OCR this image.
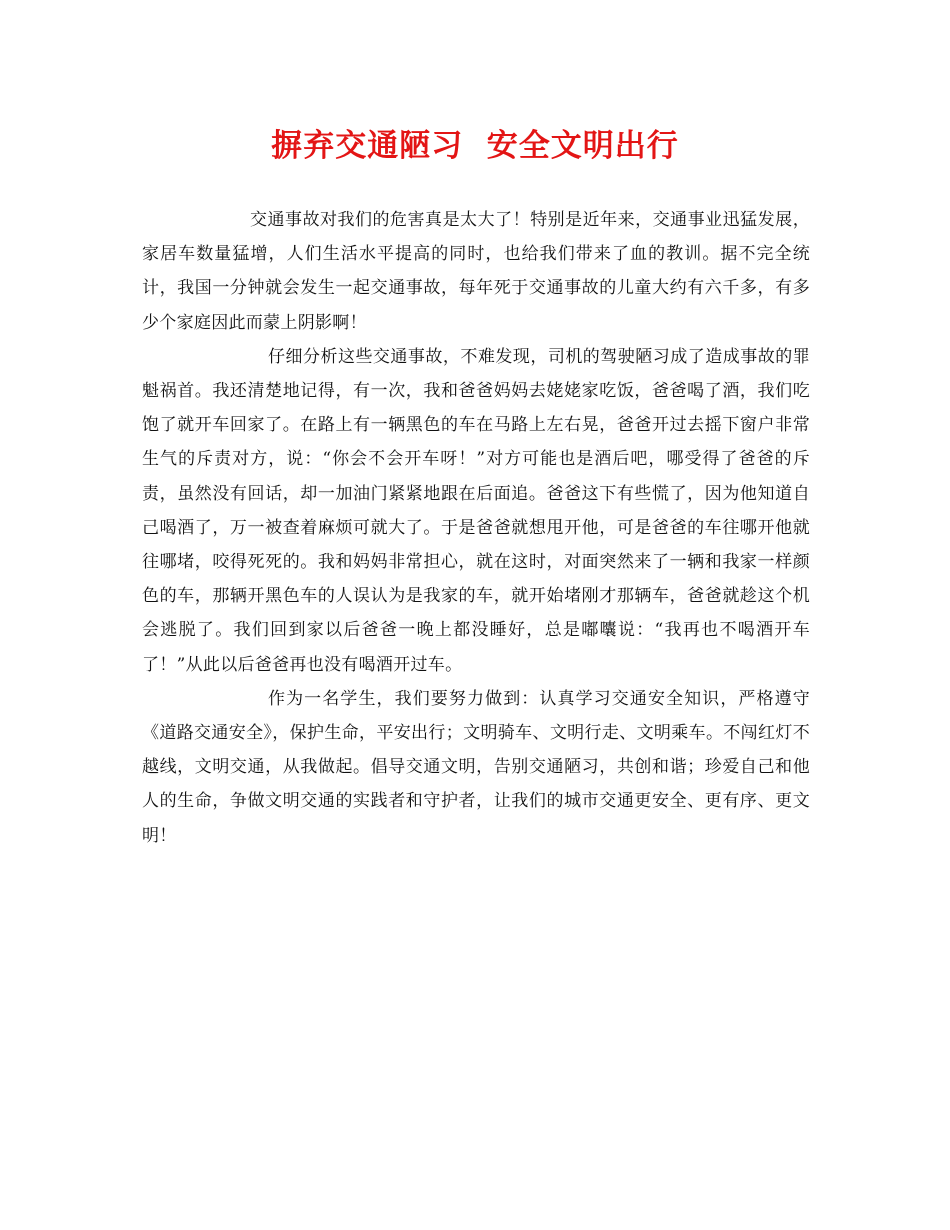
摒弃交通陋习  安全文明出行

交通事故对我们的危害真是太大了！特别是近年来，交通事业迅猛发展，家居车数量猛增，人们生活水平提高的同时，也给我们带来了血的教训。据不完全统计，我国一分钟就会发生一起交通事故，每年死于交通事故的儿童大约有六千多，有多少个家庭因此而蒙上阴影啊！

仔细分析这些交通事故，不难发现，司机的驾驶陋习成了造成事故的罪魁祸首。我还清楚地记得，有一次，我和爸爸妈妈去姥姥家吃饭，爸爸喝了酒，我们吃饱了就开车回家了。在路上有一辆黑色的车在马路上左右晃，爸爸开过去摇下窗户非常生气的斥责对方，说：“你会不会开车呀！”对方可能也是酒后吧，哪受得了爸爸的斥责，虽然没有回话，却一加油门紧紧地跟在后面追。爸爸这下有些慌了，因为他知道自己喝酒了，万一被查着麻烦可就大了。于是爸爸就想甩开他，可是爸爸的车往哪开他就往哪堵，咬得死死的。我和妈妈非常担心，就在这时，对面突然来了一辆和我家一样颜色的车，那辆开黑色车的人误认为是我家的车，就开始堵刚才那辆车，爸爸就趁这个机会逃脱了。我们回到家以后爸爸一晚上都没睡好，总是嘟囔说：“我再也不喝酒开车了！”从此以后爸爸再也没有喝酒开过车。

作为一名学生，我们要努力做到：认真学习交通安全知识，严格遵守《道路交通安全》，保护生命，平安出行；文明骑车、文明行走、文明乘车。不闯红灯不越线，文明交通，从我做起。倡导交通文明，告别交通陋习，共创和谐；珍爱自己和他人的生命，争做文明交通的实践者和守护者，让我们的城市交通更安全、更有序、更文明！
